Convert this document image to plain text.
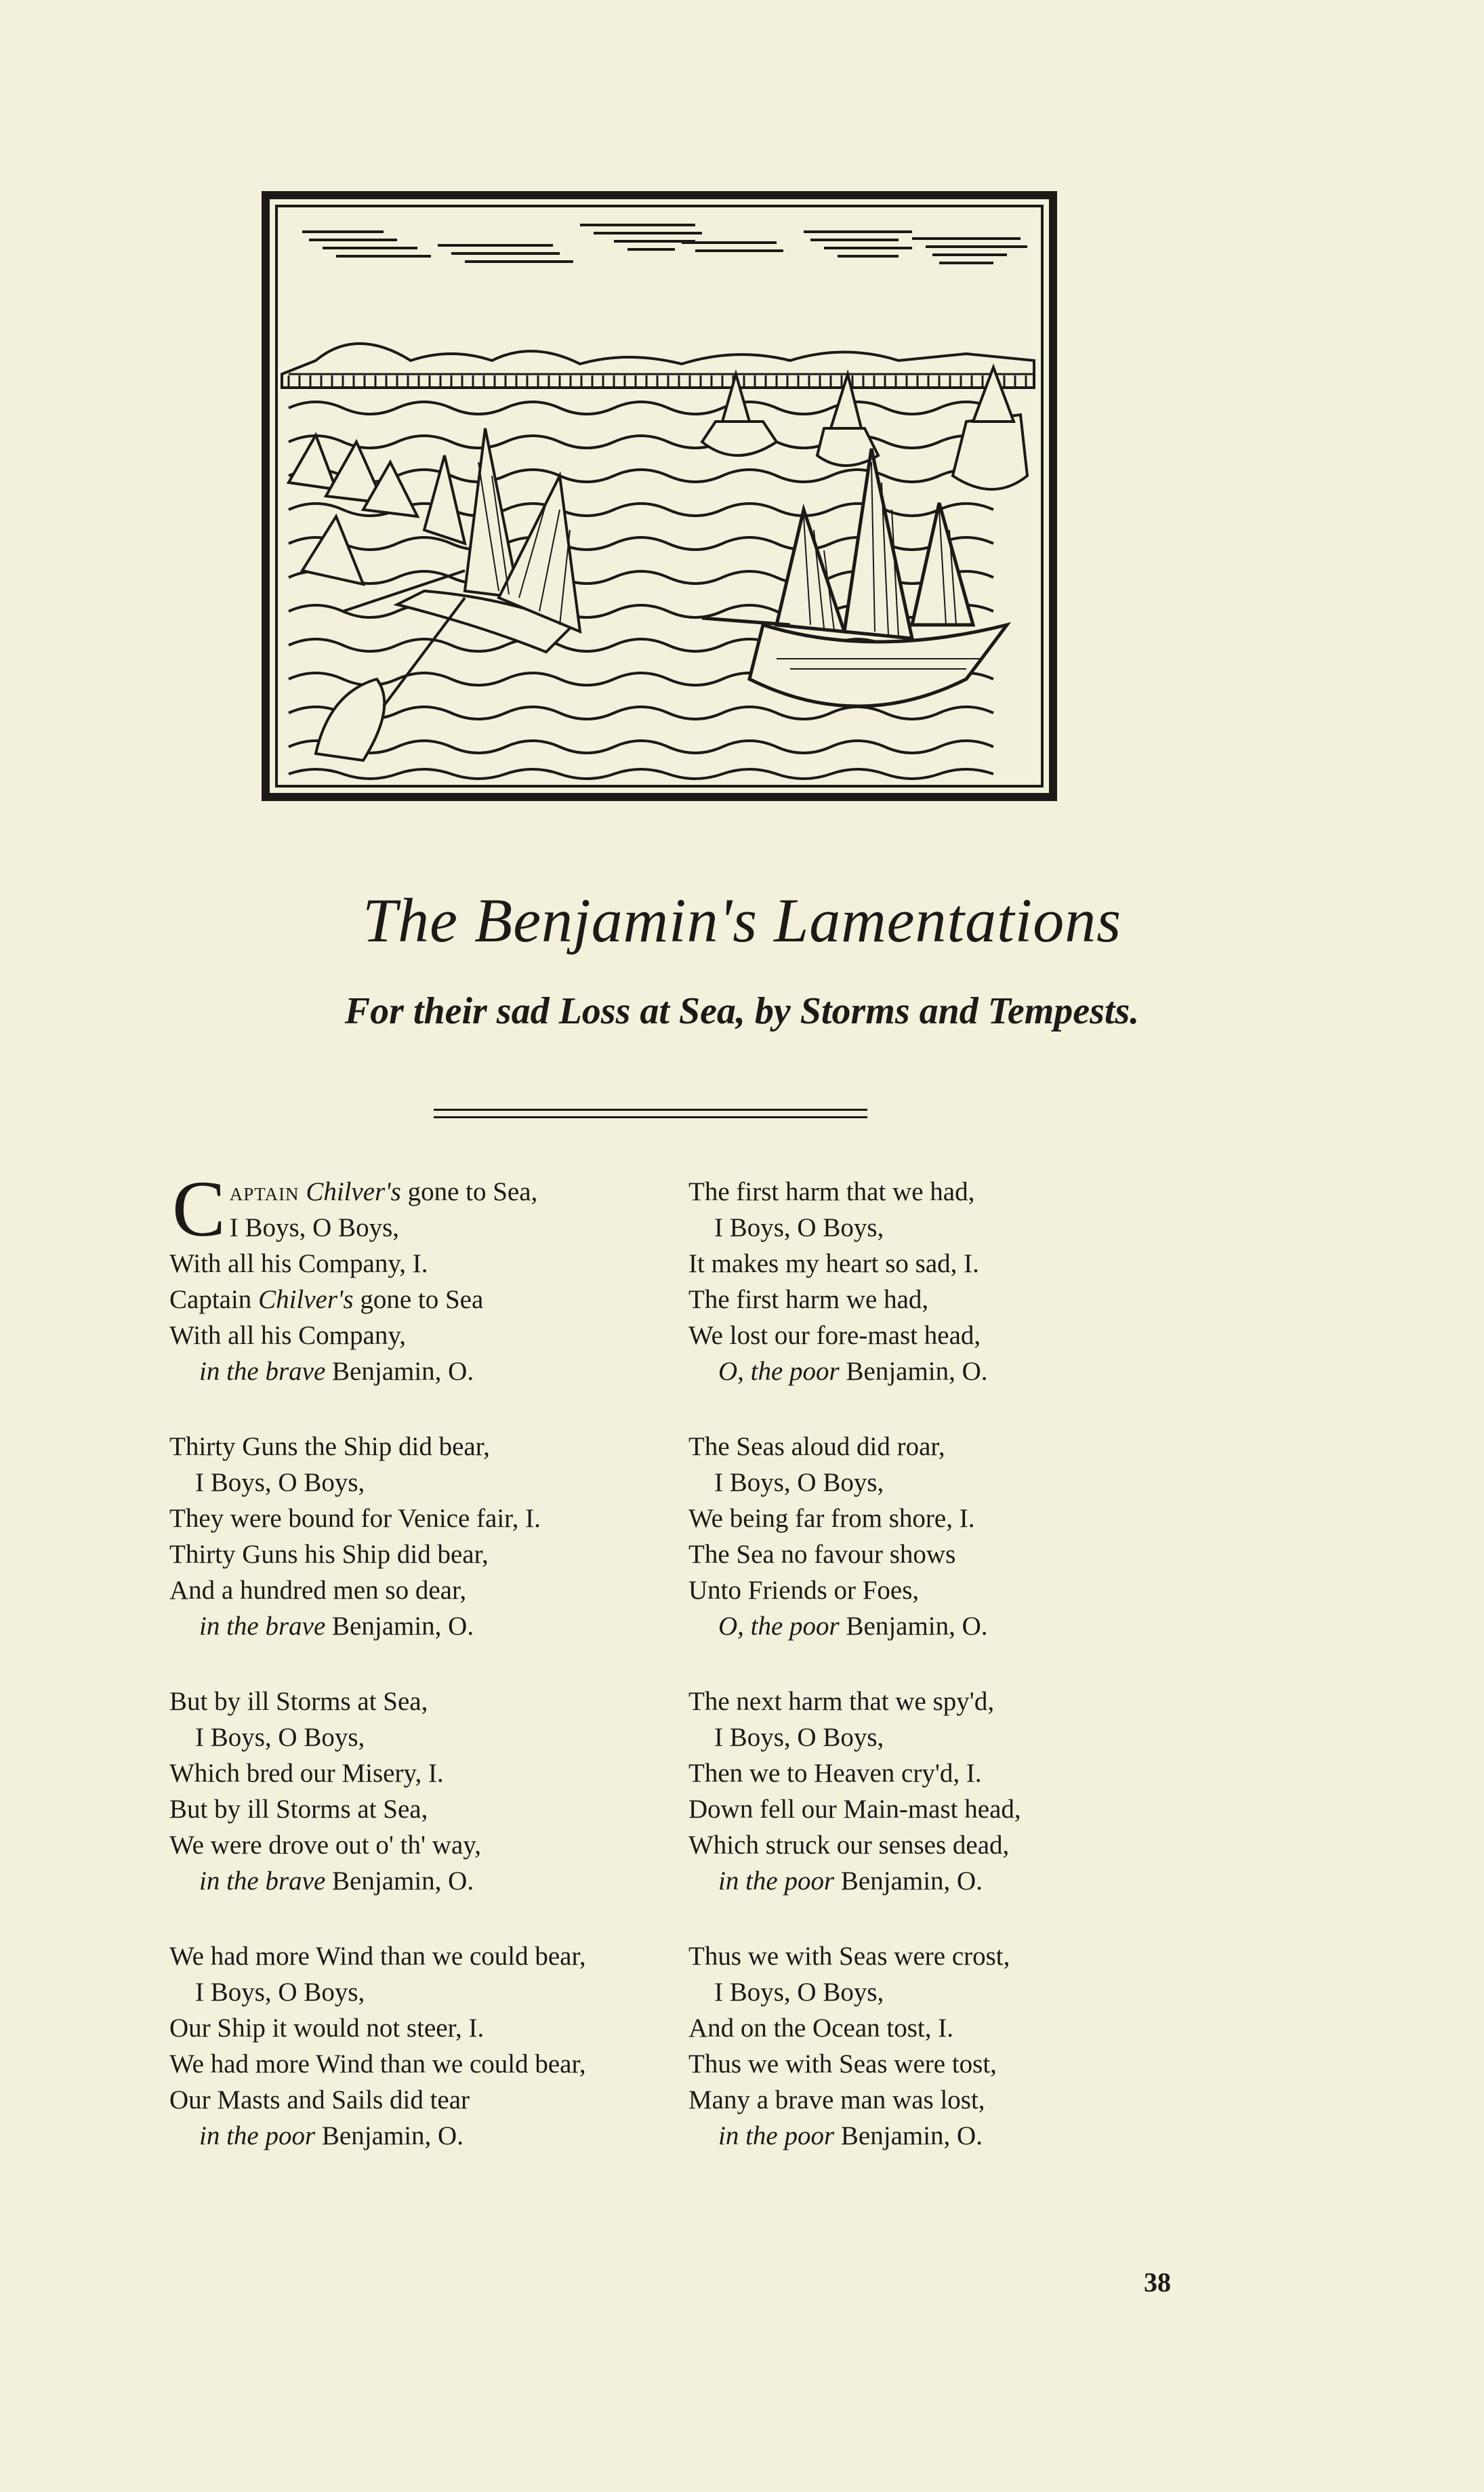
The Benjamin's Lamentations
For their sad Loss at Sea, by Storms and Tempests.
C aptain Chilver's gone to Sea,
I Boys, O Boys,
With all his Company, I.
Captain Chilver's gone to Sea
With all his Company,
in the brave Benjamin, O.
Thirty Guns the Ship did bear,
I Boys, O Boys,
They were bound for Venice fair, I.
Thirty Guns his Ship did bear,
And a hundred men so dear,
in the brave Benjamin, O.
But by ill Storms at Sea,
I Boys, O Boys,
Which bred our Misery, I.
But by ill Storms at Sea,
We were drove out o' th' way,
in the brave Benjamin, O.
We had more Wind than we could bear,
I Boys, O Boys,
Our Ship it would not steer, I.
We had more Wind than we could bear,
Our Masts and Sails did tear
in the poor Benjamin, O.
The first harm that we had,
I Boys, O Boys,
It makes my heart so sad, I.
The first harm we had,
We lost our fore-mast head,
O, the poor Benjamin, O.
The Seas aloud did roar,
I Boys, O Boys,
We being far from shore, I.
The Sea no favour shows
Unto Friends or Foes,
O, the poor Benjamin, O.
The next harm that we spy'd,
I Boys, O Boys,
Then we to Heaven cry'd, I.
Down fell our Main-mast head,
Which struck our senses dead,
in the poor Benjamin, O.
Thus we with Seas were crost,
I Boys, O Boys,
And on the Ocean tost, I.
Thus we with Seas were tost,
Many a brave man was lost,
in the poor Benjamin, O.
38
